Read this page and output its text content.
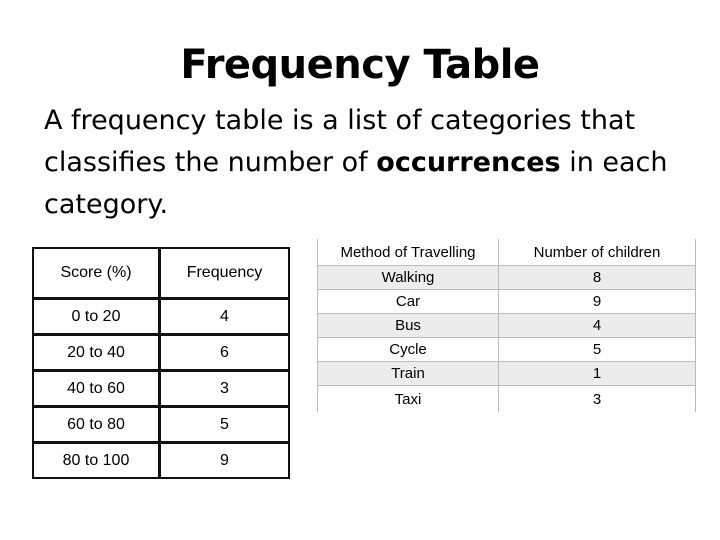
Frequency Table
A frequency table is a list of categories that classifies the number of occurrences in each category.
Score (%)	Frequency
0 to 20	4
20 to 40	6
40 to 60	3
60 to 80	5
80 to 100	9
Method of Travelling	Number of children
Walking	8
Car	9
Bus	4
Cycle	5
Train	1
Taxi	3
